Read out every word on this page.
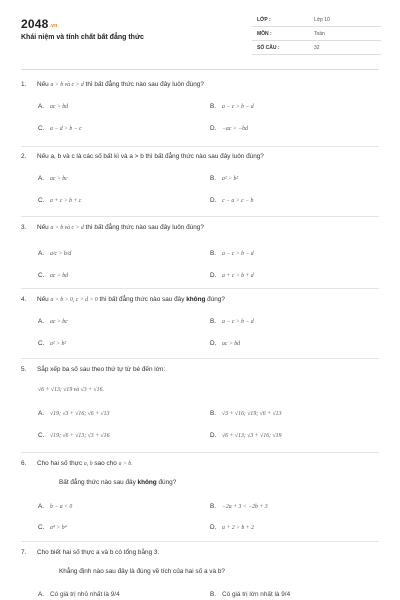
$2048^{.vn}$
Khái niệm và tính chất bất đẳng thức
LỚP :	Lớp 10
MÔN :	Toán
SỐ CÂU :	32
1. Nếu a > b và c > d thì bất đẳng thức nào sau đây luôn đúng?
A. ac > bd	B. a − c > b − d
C. a − d > b − c	D. −ac > −bd
2. Nếu a, b và c là các số bất kì và a > b thì bất đẳng thức nào sau đây luôn đúng?
A. ac > bc	B. a² > b²
C. a + c > b + c	D. c − a > c − b
3. Nếu a > b và c > d thì bất đẳng thức nào sau đây luôn đúng?
A. a/c > b/d	B. a − c > b − d
C. ac > bd	D. a + c > b + d
4. Nếu a > b > 0, c > d > 0 thì bất đẳng thức nào sau đây không đúng?
A. ac > bc	B. a − c > b − d
C. a² > b²	D. ac > bd
5. Sắp xếp ba số sau theo thứ tự từ bé đến lớn:
√6 + √13; √19 và √3 + √16.
A. √19; √3 + √16; √6 + √13	B. √3 + √16; √19; √6 + √13
C. √19; √6 + √13; √3 + √16	D. √6 + √13; √3 + √16; √19
6. Cho hai số thực a, b sao cho a > b.
Bất đẳng thức nào sau đây không đúng?
A. b − a < 0	B. −2a + 3 < −2b + 3
C. a⁴ > b⁴	D. a + 2 > b + 2
7. Cho biết hai số thực a và b có tổng bằng 3.
Khẳng định nào sau đây là đúng về tích của hai số a và b?
A. Có giá trị nhỏ nhất là 9/4	B. Có giá trị lớn nhất là 9/4
